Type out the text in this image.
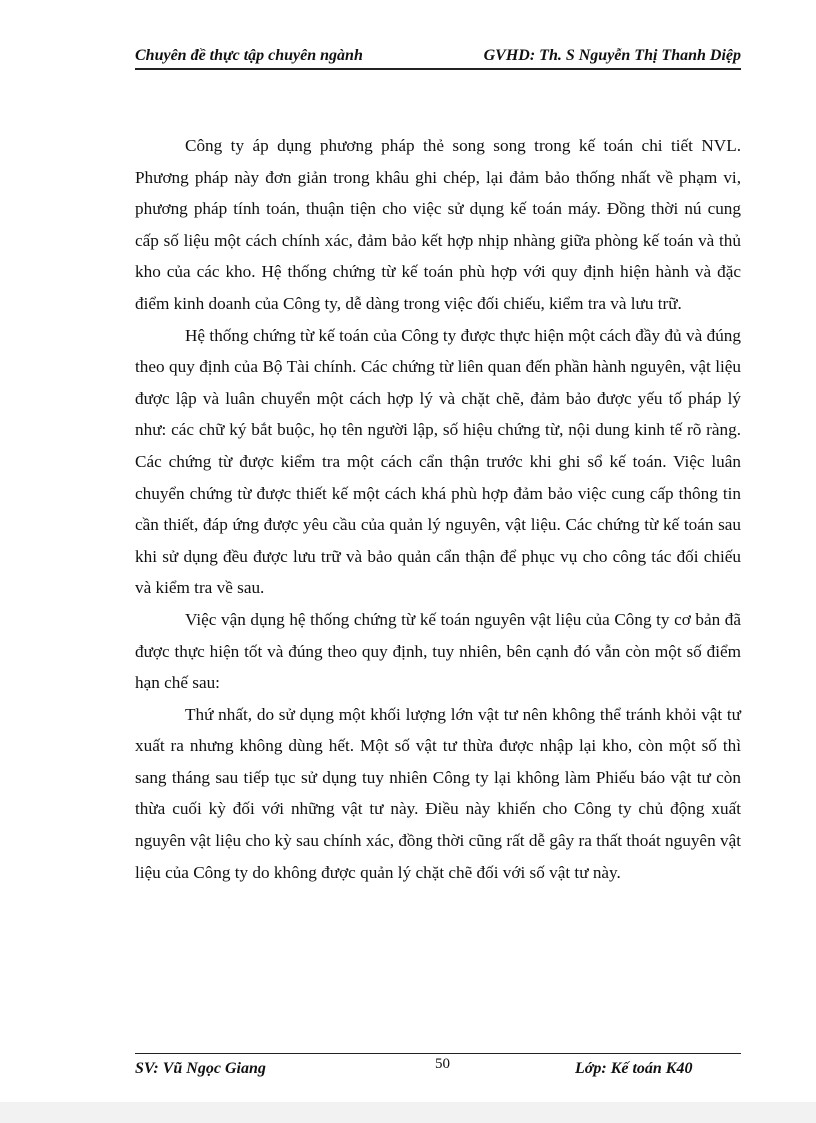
Chuyên đề thực tập chuyên ngành	GVHD: Th. S Nguyễn Thị Thanh Diệp

Công ty áp dụng phương pháp thẻ song song trong kế toán chi tiết NVL. Phương pháp này đơn giản trong khâu ghi chép, lại đảm bảo thống nhất về phạm vi, phương pháp tính toán, thuận tiện cho việc sử dụng kế toán máy. Đồng thời nú cung cấp số liệu một cách chính xác, đảm bảo kết hợp nhịp nhàng giữa phòng kế toán và thủ kho của các kho. Hệ thống chứng từ kế toán phù hợp với quy định hiện hành và đặc điểm kinh doanh của Công ty, dễ dàng trong việc đối chiếu, kiểm tra và lưu trữ.

Hệ thống chứng từ kế toán của Công ty được thực hiện một cách đầy đủ và đúng theo quy định của Bộ Tài chính. Các chứng từ liên quan đến phần hành nguyên, vật liệu được lập và luân chuyển một cách hợp lý và chặt chẽ, đảm bảo được yếu tố pháp lý như: các chữ ký bắt buộc, họ tên người lập, số hiệu chứng từ, nội dung kinh tế rõ ràng. Các chứng từ được kiểm tra một cách cẩn thận trước khi ghi sổ kế toán. Việc luân chuyển chứng từ được thiết kế một cách khá phù hợp đảm bảo việc cung cấp thông tin cần thiết, đáp ứng được yêu cầu của quản lý nguyên, vật liệu. Các chứng từ kế toán sau khi sử dụng đều được lưu trữ và bảo quản cẩn thận để phục vụ cho công tác đối chiếu và kiểm tra về sau.

Việc vận dụng hệ thống chứng từ kế toán nguyên vật liệu của Công ty cơ bản đã được thực hiện tốt và đúng theo quy định, tuy nhiên, bên cạnh đó vẫn còn một số điểm hạn chế sau:

Thứ nhất, do sử dụng một khối lượng lớn vật tư nên không thể tránh khỏi vật tư xuất ra nhưng không dùng hết. Một số vật tư thừa được nhập lại kho, còn một số thì sang tháng sau tiếp tục sử dụng tuy nhiên Công ty lại không làm Phiếu báo vật tư còn thừa cuối kỳ đối với những vật tư này. Điều này khiến cho Công ty chủ động xuất nguyên vật liệu cho kỳ sau chính xác, đồng thời cũng rất dễ gây ra thất thoát nguyên vật liệu của Công ty do không được quản lý chặt chẽ đối với số vật tư này.

SV: Vũ Ngọc Giang	50	Lớp: Kế toán K40
